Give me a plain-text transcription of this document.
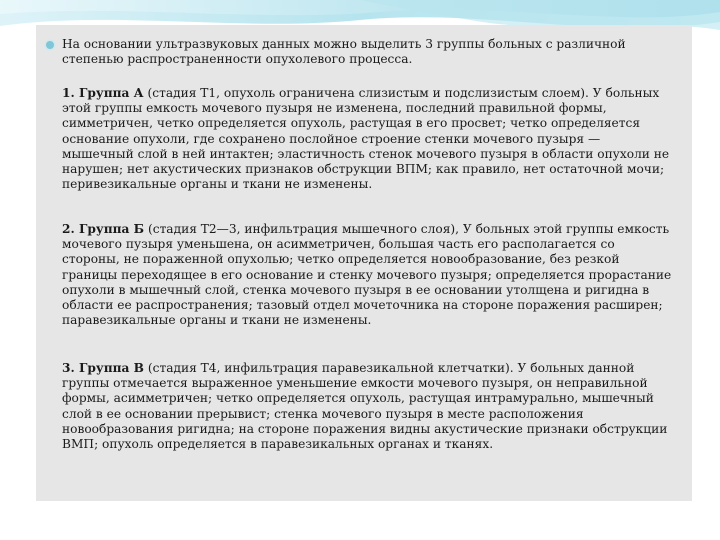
На основании ультразвуковых данных можно выделить 3 группы больных с различной степенью распространенности опухолевого процесса.

1. Группа А (стадия Т1, опухоль ограничена слизистым и подслизистым слоем). У больных этой группы емкость мочевого пузыря не изменена, последний правильной формы, симметричен, четко определяется опухоль, растущая в его просвет; четко определяется основание опухоли, где сохранено послойное строение стенки мочевого пузыря — мышечный слой в ней интактен; эластичность стенок мочевого пузыря в области опухоли не нарушен; нет акустических признаков обструкции ВПМ; как правило, нет остаточной мочи; перивезикальные органы и ткани не изменены.

2. Группа Б (стадия Т2—3, инфильтрация мышечного слоя), У больных этой группы емкость мочевого пузыря уменьшена, он асимметричен, большая часть его располагается со стороны, не пораженной опухолью; четко определяется новообразование, без резкой границы переходящее в его основание и стенку мочевого пузыря; определяется прорастание опухоли в мышечный слой, стенка мочевого пузыря в ее основании утолщена и ригидна в области ее распространения; тазовый отдел мочеточника на стороне поражения расширен; паравезикальные органы и ткани не изменены.

3. Группа В (стадия Т4, инфильтрация паравезикальной клетчатки). У больных данной группы отмечается выраженное уменьшение емкости мочевого пузыря, он неправильной формы, асимметричен; четко определяется опухоль, растущая интрамурально, мышечный слой в ее основании прерывист; стенка мочевого пузыря в месте расположения новообразования ригидна; на стороне поражения видны акустические признаки обструкции ВМП; опухоль определяется в паравезикальных органах и тканях.
